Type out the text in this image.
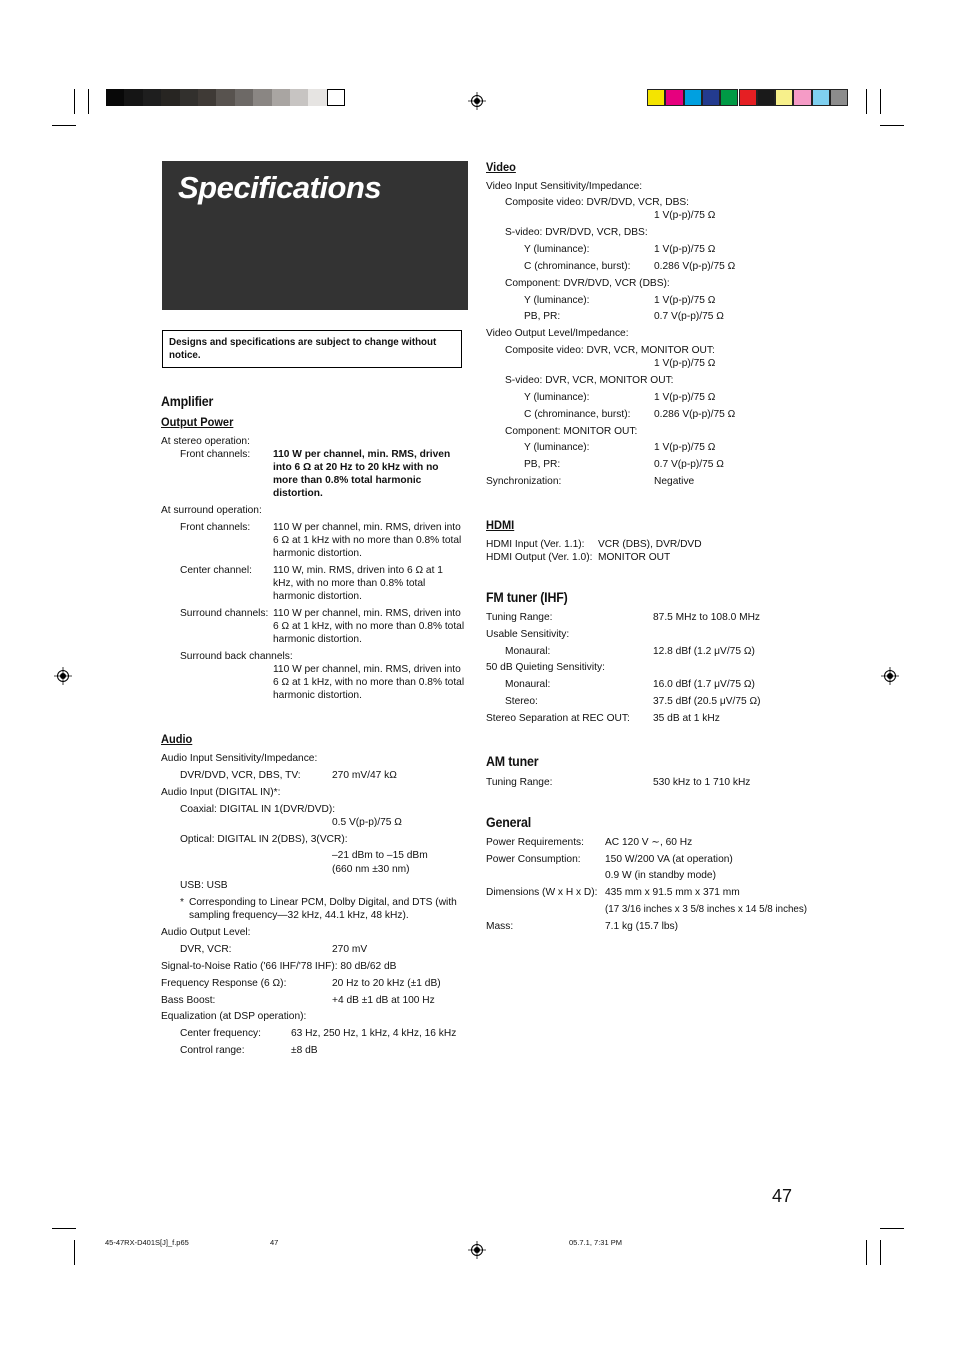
Specifications
Designs and specifications are subject to change without notice.
Amplifier
Output Power
At stereo operation:
Front channels: 110 W per channel, min. RMS, driven into 6 Ω at 20 Hz to 20 kHz with no more than 0.8% total harmonic distortion.
At surround operation:
Front channels: 110 W per channel, min. RMS, driven into 6 Ω at 1 kHz with no more than 0.8% total harmonic distortion.
Center channel: 110 W, min. RMS, driven into 6 Ω at 1 kHz, with no more than 0.8% total harmonic distortion.
Surround channels: 110 W per channel, min. RMS, driven into 6 Ω at 1 kHz, with no more than 0.8% total harmonic distortion.
Surround back channels:
110 W per channel, min. RMS, driven into 6 Ω at 1 kHz, with no more than 0.8% total harmonic distortion.
Audio
Audio Input Sensitivity/Impedance:
DVR/DVD, VCR, DBS, TV:	270 mV/47 kΩ
Audio Input (DIGITAL IN)*:
Coaxial: DIGITAL IN 1(DVR/DVD):
0.5 V(p-p)/75 Ω
Optical: DIGITAL IN 2(DBS), 3(VCR):
–21 dBm to –15 dBm
(660 nm ±30 nm)
USB: USB
* Corresponding to Linear PCM, Dolby Digital, and DTS (with sampling frequency—32 kHz, 44.1 kHz, 48 kHz).
Audio Output Level:
DVR, VCR:	270 mV
Signal-to-Noise Ratio ('66 IHF/'78 IHF): 80 dB/62 dB
Frequency Response (6 Ω):	20 Hz to 20 kHz (±1 dB)
Bass Boost:	+4 dB ±1 dB at 100 Hz
Equalization (at DSP operation):
Center frequency:	63 Hz, 250 Hz, 1 kHz, 4 kHz, 16 kHz
Control range:	±8 dB
Video
Video Input Sensitivity/Impedance:
Composite video: DVR/DVD, VCR, DBS:
1 V(p-p)/75 Ω
S-video: DVR/DVD, VCR, DBS:
Y (luminance):	1 V(p-p)/75 Ω
C (chrominance, burst): 0.286 V(p-p)/75 Ω
Component: DVR/DVD, VCR (DBS):
Y (luminance):	1 V(p-p)/75 Ω
PB, PR:	0.7 V(p-p)/75 Ω
Video Output Level/Impedance:
Composite video: DVR, VCR, MONITOR OUT:
1 V(p-p)/75 Ω
S-video: DVR, VCR, MONITOR OUT:
Y (luminance):	1 V(p-p)/75 Ω
C (chrominance, burst): 0.286 V(p-p)/75 Ω
Component: MONITOR OUT:
Y (luminance):	1 V(p-p)/75 Ω
PB, PR:	0.7 V(p-p)/75 Ω
Synchronization:	Negative
HDMI
HDMI Input (Ver. 1.1): VCR (DBS), DVR/DVD
HDMI Output (Ver. 1.0): MONITOR OUT
FM tuner (IHF)
Tuning Range:	87.5 MHz to 108.0 MHz
Usable Sensitivity:
Monaural:	12.8 dBf (1.2 μV/75 Ω)
50 dB Quieting Sensitivity:
Monaural:	16.0 dBf (1.7 μV/75 Ω)
Stereo:	37.5 dBf (20.5 μV/75 Ω)
Stereo Separation at REC OUT: 35 dB at 1 kHz
AM tuner
Tuning Range:	530 kHz to 1 710 kHz
General
Power Requirements: AC 120 V ∼, 60 Hz
Power Consumption: 150 W/200 VA (at operation)
0.9 W (in standby mode)
Dimensions (W x H x D): 435 mm x 91.5 mm x 371 mm
(17 3/16 inches x 3 5/8 inches x 14 5/8 inches)
Mass:	7.1 kg (15.7 lbs)
47
45-47RX-D401S[J]_f.p65	47	05.7.1, 7:31 PM
